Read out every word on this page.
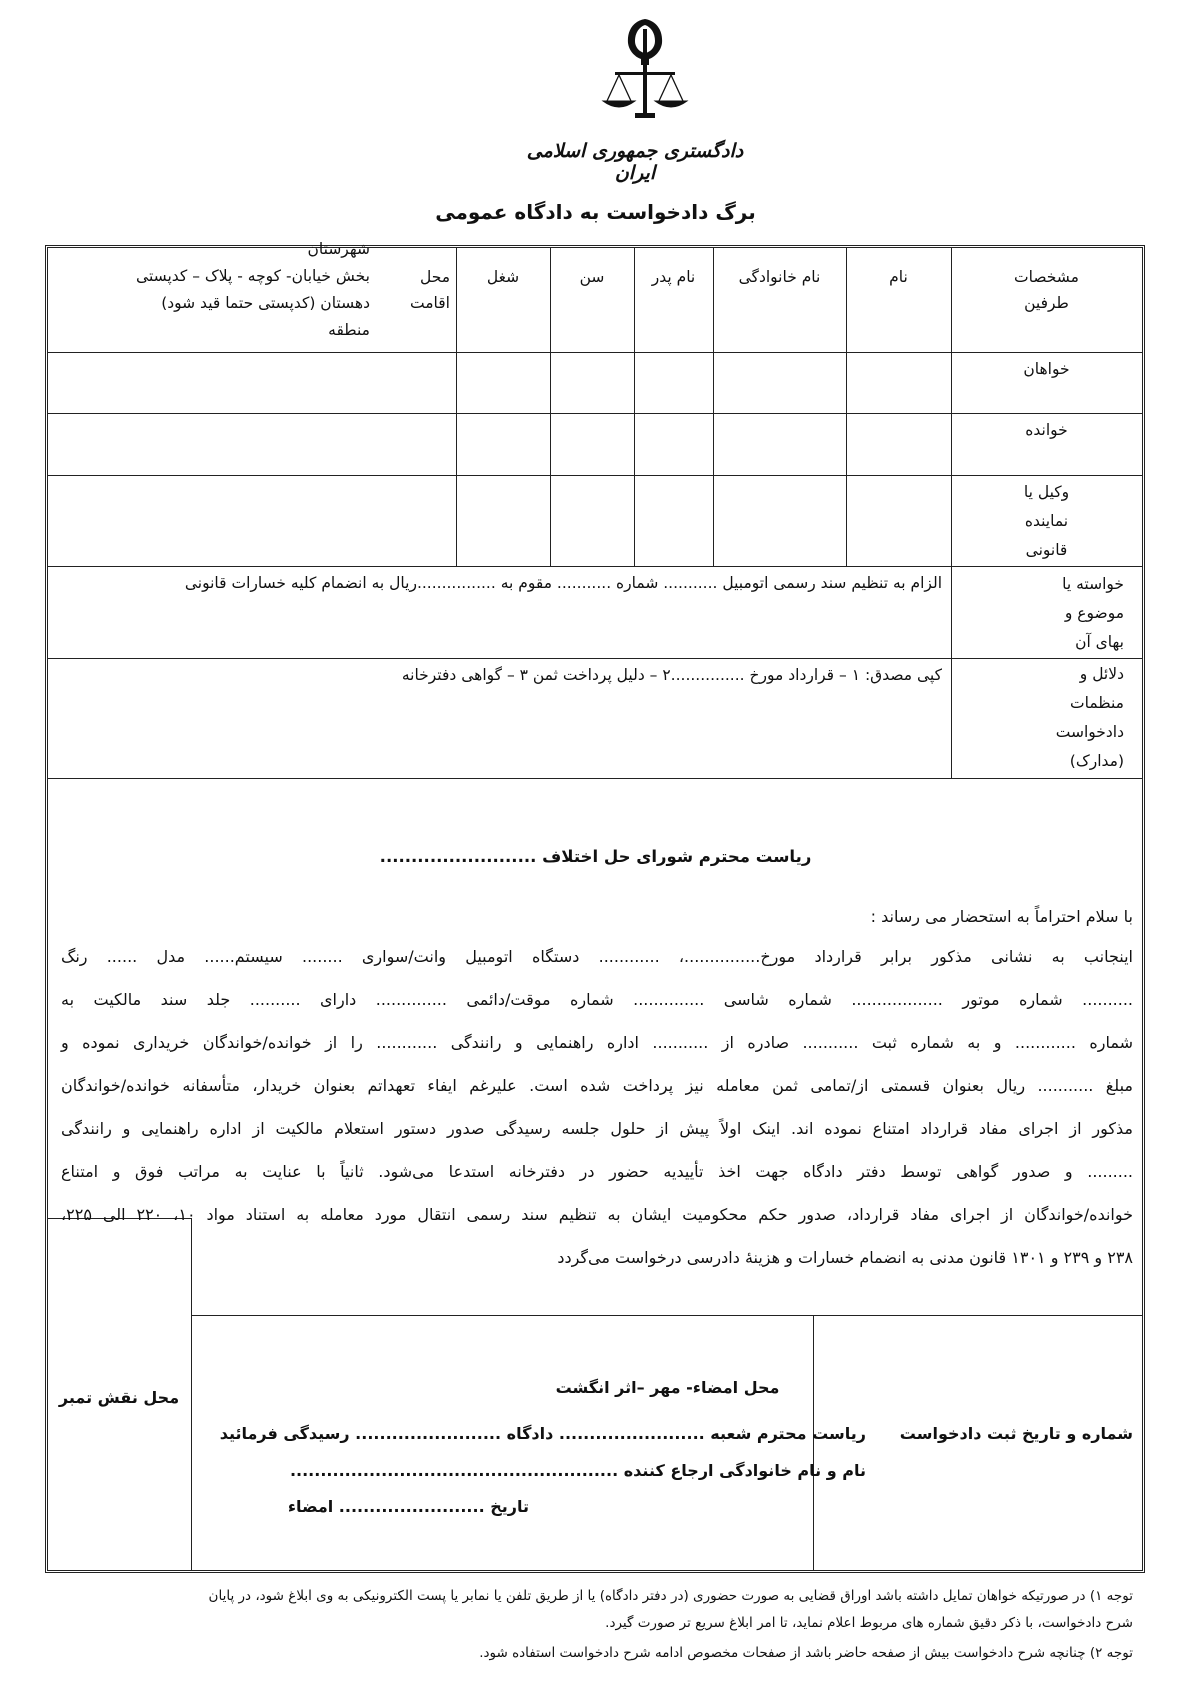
دادگستری جمهوری اسلامی ایران
برگ دادخواست به دادگاه عمومی
مشخصات
طرفین
نام
نام خانوادگی
نام پدر
سن
شغل
محل اقامت
شهرستان
بخش خیابان- کوچه - پلاک – کدپستی
دهستان (کدپستی حتما قید شود)
منطقه
خواهان
خوانده
وکیل یا
نماینده
قانونی
خواسته یا
موضوع و
بهای آن
الزام به تنظیم سند رسمی اتومبیل ........... شماره ........... مقوم به ................ریال به انضمام کلیه خسارات قانونی
دلائل و
منظمات
دادخواست
(مدارک)
کپی مصدق: ۱ – قرارداد مورخ ...............۲ – دلیل پرداخت ثمن ۳ – گواهی دفترخانه
ریاست محترم شورای حل اختلاف .........................
با سلام احتراماً به استحضار می رساند :
اینجانب به نشانی مذکور برابر قرارداد مورخ...............، ............ دستگاه اتومبیل وانت/سواری ........ سیستم...... مدل ...... رنگ
.......... شماره موتور .................. شماره شاسی .............. شماره موقت/دائمی .............. دارای .......... جلد سند مالکیت به
شماره ............ و به شماره ثبت ........... صادره از ........... اداره راهنمایی و رانندگی ............ را از خوانده/خواندگان خریداری نموده و
مبلغ ........... ریال بعنوان قسمتی از/تمامی ثمن معامله نیز پرداخت شده است. علیرغم ایفاء تعهداتم بعنوان خریدار، متأسفانه خوانده/خواندگان
مذکور از اجرای مفاد قرارداد امتناع نموده اند. اینک اولاً پیش از حلول جلسه رسیدگی صدور دستور استعلام مالکیت از اداره راهنمایی و رانندگی
......... و صدور گواهی توسط دفتر دادگاه جهت اخذ تأییدیه حضور در دفترخانه استدعا می‌شود. ثانیاً با عنایت به مراتب فوق و امتناع
خوانده/خواندگان از اجرای مفاد قرارداد، صدور حکم محکومیت ایشان به تنظیم سند رسمی انتقال مورد معامله به استناد مواد ۱۰، ۲۲۰ الی ۲۲۵،
۲۳۸ و ۲۳۹ و ۱۳۰۱ قانون مدنی به انضمام خسارات و هزینهٔ دادرسی درخواست می‌گردد
محل نقش تمبر
محل امضاء- مهر –اثر انگشت
شماره و تاریخ ثبت دادخواست
ریاست محترم شعبه ........................ دادگاه ........................ رسیدگی فرمائید
نام و نام خانوادگی ارجاع کننده ......................................................
تاریخ ........................ امضاء
توجه ۱) در صورتیکه خواهان تمایل داشته باشد اوراق قضایی به صورت حضوری (در دفتر دادگاه) یا از طریق تلفن یا نمابر یا پست الکترونیکی به وی ابلاغ شود، در پایان
شرح دادخواست، با ذکر دقیق شماره های مربوط اعلام نماید، تا امر ابلاغ سریع تر صورت گیرد.
توجه ۲) چنانچه شرح دادخواست بیش از صفحه حاضر باشد از صفحات مخصوص ادامه شرح دادخواست استفاده شود.
